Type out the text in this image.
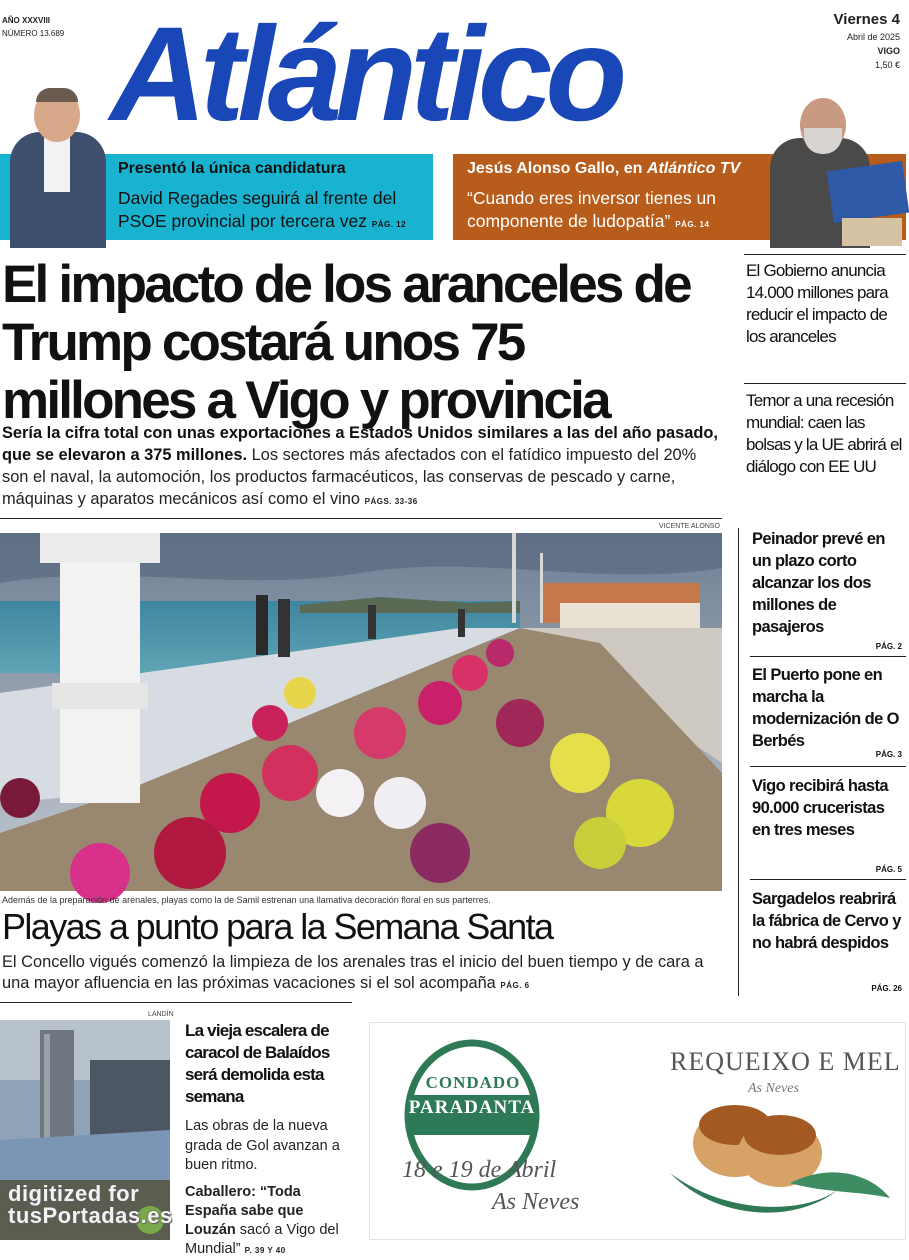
AÑO XXXVIII
NÚMERO 13.689 Atlántico	Viernes 4
Abril de 2025
VIGO
1,50 €
Presentó la única candidatura
David Regades seguirá al frente del PSOE provincial por tercera vez PÁG. 12
Jesús Alonso Gallo, en Atlántico TV
“Cuando eres inversor tienes un componente de ludopatía” PÁG. 14
El impacto de los aranceles de Trump costará unos 75 millones a Vigo y provincia
Sería la cifra total con unas exportaciones a Estados Unidos similares a las del año pasado, que se elevaron a 375 millones. Los sectores más afectados con el fatídico impuesto del 20% son el naval, la automoción, los productos farmacéuticos, las conservas de pescado y carne, máquinas y aparatos mecánicos así como el vino PÁGS. 33-36
El Gobierno anuncia 14.000 millones para reducir el impacto de los aranceles
Temor a una recesión mundial: caen las bolsas y la UE abrirá el diálogo con EE UU
Peinador prevé en un plazo corto alcanzar los dos millones de pasajeros
PÁG. 2
El Puerto pone en marcha la modernización de O Berbés
PÁG. 3
Vigo recibirá hasta 90.000 cruceristas en tres meses
PÁG. 5
Sargadelos reabrirá la fábrica de Cervo y no habrá despidos
PÁG. 26
VICENTE ALONSO
Además de la preparación de arenales, playas como la de Samil estrenan una llamativa decoración floral en sus parterres.
Playas a punto para la Semana Santa
El Concello vigués comenzó la limpieza de los arenales tras el inicio del buen tiempo y de cara a una mayor afluencia en las próximas vacaciones si el sol acompaña PÁG. 6
LANDÍN
La vieja escalera de caracol de Balaídos será demolida esta semana
Las obras de la nueva grada de Gol avanzan a buen ritmo.
Caballero: “Toda España sabe que Louzán sacó a Vigo del Mundial” P. 39 Y 40
CONDADO
PARADANTA
18 e 19 de Abril
As Neves
REQUEIXO E MEL
As Neves
digitized for
tusPortadas.es
